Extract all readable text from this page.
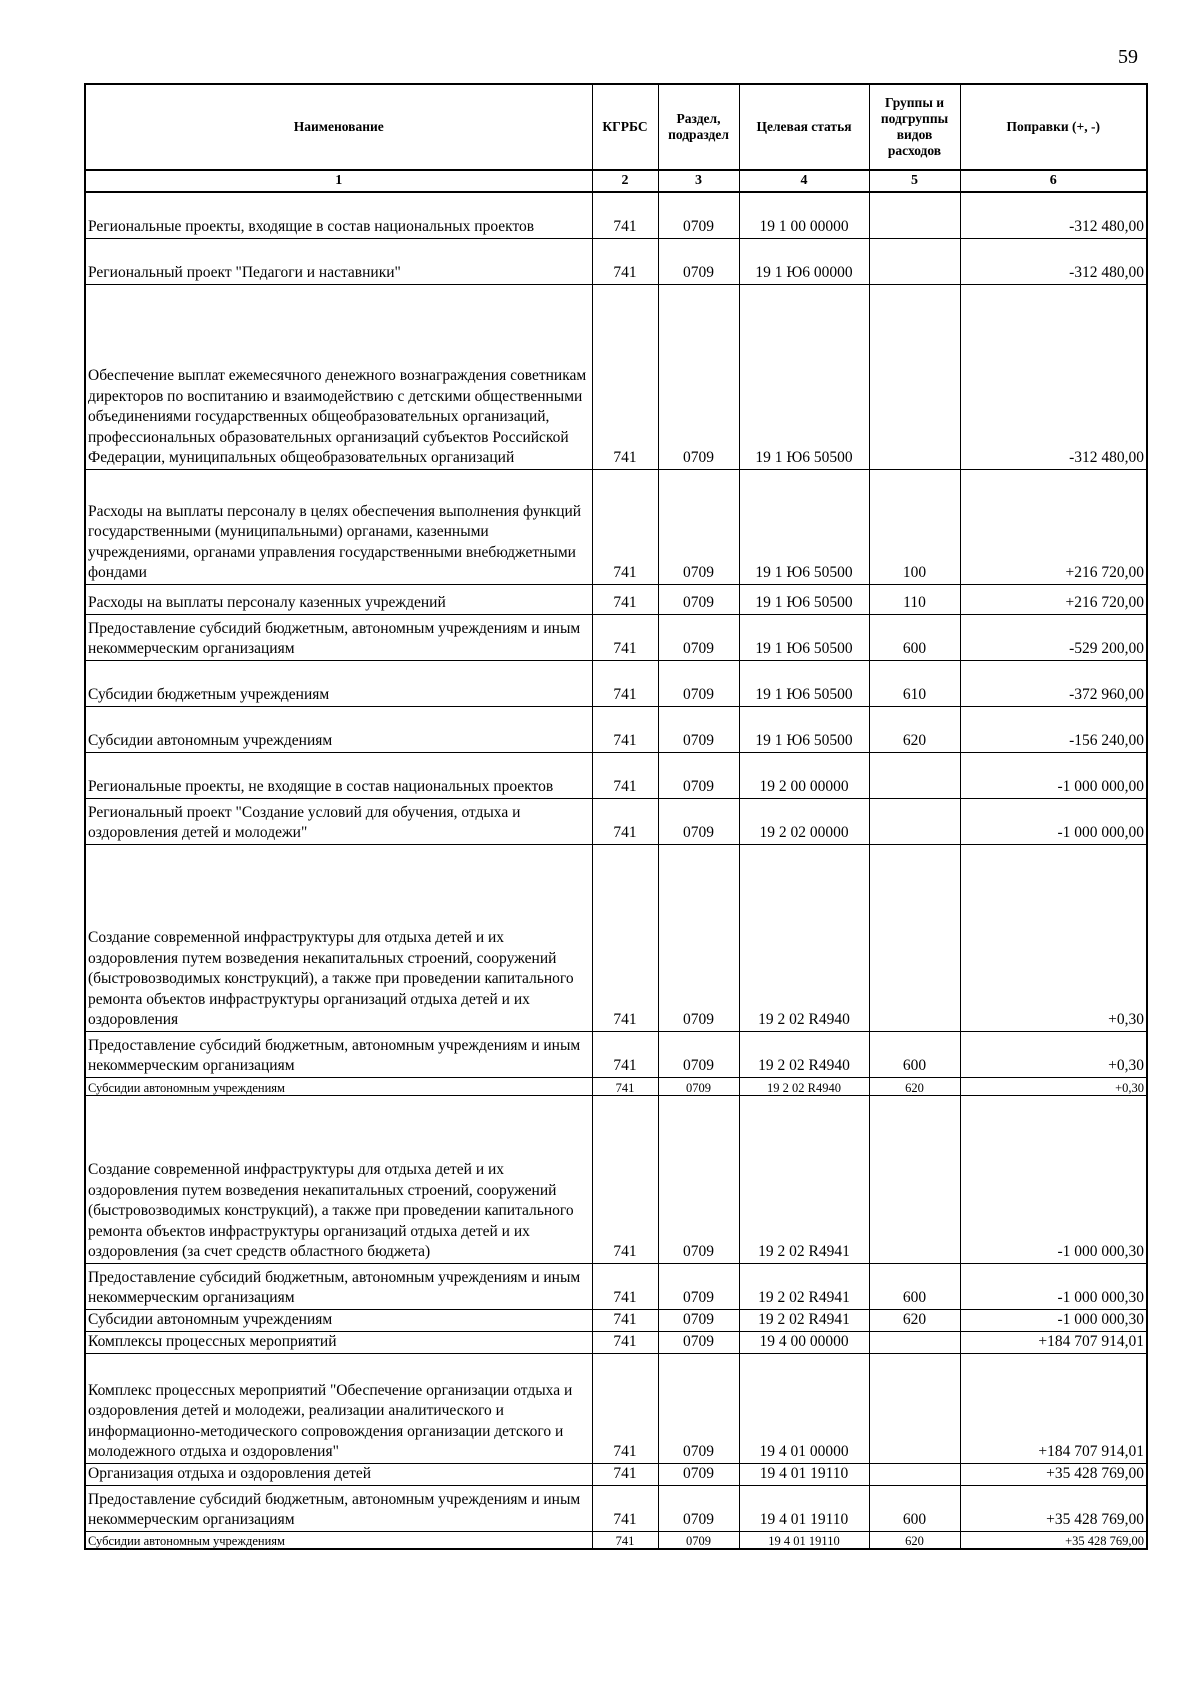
59
Наименование	КГРБС	Раздел, подраздел	Целевая статья	Группы и подгруппы видов расходов	Поправки (+, -)
1	2	3	4	5	6
Региональные проекты, входящие в состав национальных проектов	741	0709	19 1 00 00000		-312 480,00
Региональный проект "Педагоги и наставники"	741	0709	19 1 Ю6 00000		-312 480,00
Обеспечение выплат ежемесячного денежного вознаграждения советникам директоров по воспитанию и взаимодействию с детскими общественными объединениями государственных общеобразовательных организаций, профессиональных образовательных организаций субъектов Российской Федерации, муниципальных общеобразовательных организаций	741	0709	19 1 Ю6 50500		-312 480,00
Расходы на выплаты персоналу в целях обеспечения выполнения функций государственными (муниципальными) органами, казенными учреждениями, органами управления государственными внебюджетными фондами	741	0709	19 1 Ю6 50500	100	+216 720,00
Расходы на выплаты персоналу казенных учреждений	741	0709	19 1 Ю6 50500	110	+216 720,00
Предоставление субсидий бюджетным, автономным учреждениям и иным некоммерческим организациям	741	0709	19 1 Ю6 50500	600	-529 200,00
Субсидии бюджетным учреждениям	741	0709	19 1 Ю6 50500	610	-372 960,00
Субсидии автономным учреждениям	741	0709	19 1 Ю6 50500	620	-156 240,00
Региональные проекты, не входящие в состав национальных проектов	741	0709	19 2 00 00000		-1 000 000,00
Региональный проект "Создание условий для обучения, отдыха и оздоровления детей и молодежи"	741	0709	19 2 02 00000		-1 000 000,00
Создание современной инфраструктуры для отдыха детей и их оздоровления путем возведения некапитальных строений, сооружений (быстровозводимых конструкций), а также при проведении капитального ремонта объектов инфраструктуры организаций отдыха детей и их оздоровления	741	0709	19 2 02 R4940		+0,30
Предоставление субсидий бюджетным, автономным учреждениям и иным некоммерческим организациям	741	0709	19 2 02 R4940	600	+0,30
Субсидии автономным учреждениям	741	0709	19 2 02 R4940	620	+0,30
Создание современной инфраструктуры для отдыха детей и их оздоровления путем возведения некапитальных строений, сооружений (быстровозводимых конструкций), а также при проведении капитального ремонта объектов инфраструктуры организаций отдыха детей и их оздоровления (за счет средств областного бюджета)	741	0709	19 2 02 R4941		-1 000 000,30
Предоставление субсидий бюджетным, автономным учреждениям и иным некоммерческим организациям	741	0709	19 2 02 R4941	600	-1 000 000,30
Субсидии автономным учреждениям	741	0709	19 2 02 R4941	620	-1 000 000,30
Комплексы процессных мероприятий	741	0709	19 4 00 00000		+184 707 914,01
Комплекс процессных мероприятий "Обеспечение организации отдыха и оздоровления детей и молодежи, реализации аналитического и информационно-методического сопровождения организации детского и молодежного отдыха и оздоровления"	741	0709	19 4 01 00000		+184 707 914,01
Организация отдыха и оздоровления детей	741	0709	19 4 01 19110		+35 428 769,00
Предоставление субсидий бюджетным, автономным учреждениям и иным некоммерческим организациям	741	0709	19 4 01 19110	600	+35 428 769,00
Субсидии автономным учреждениям	741	0709	19 4 01 19110	620	+35 428 769,00
